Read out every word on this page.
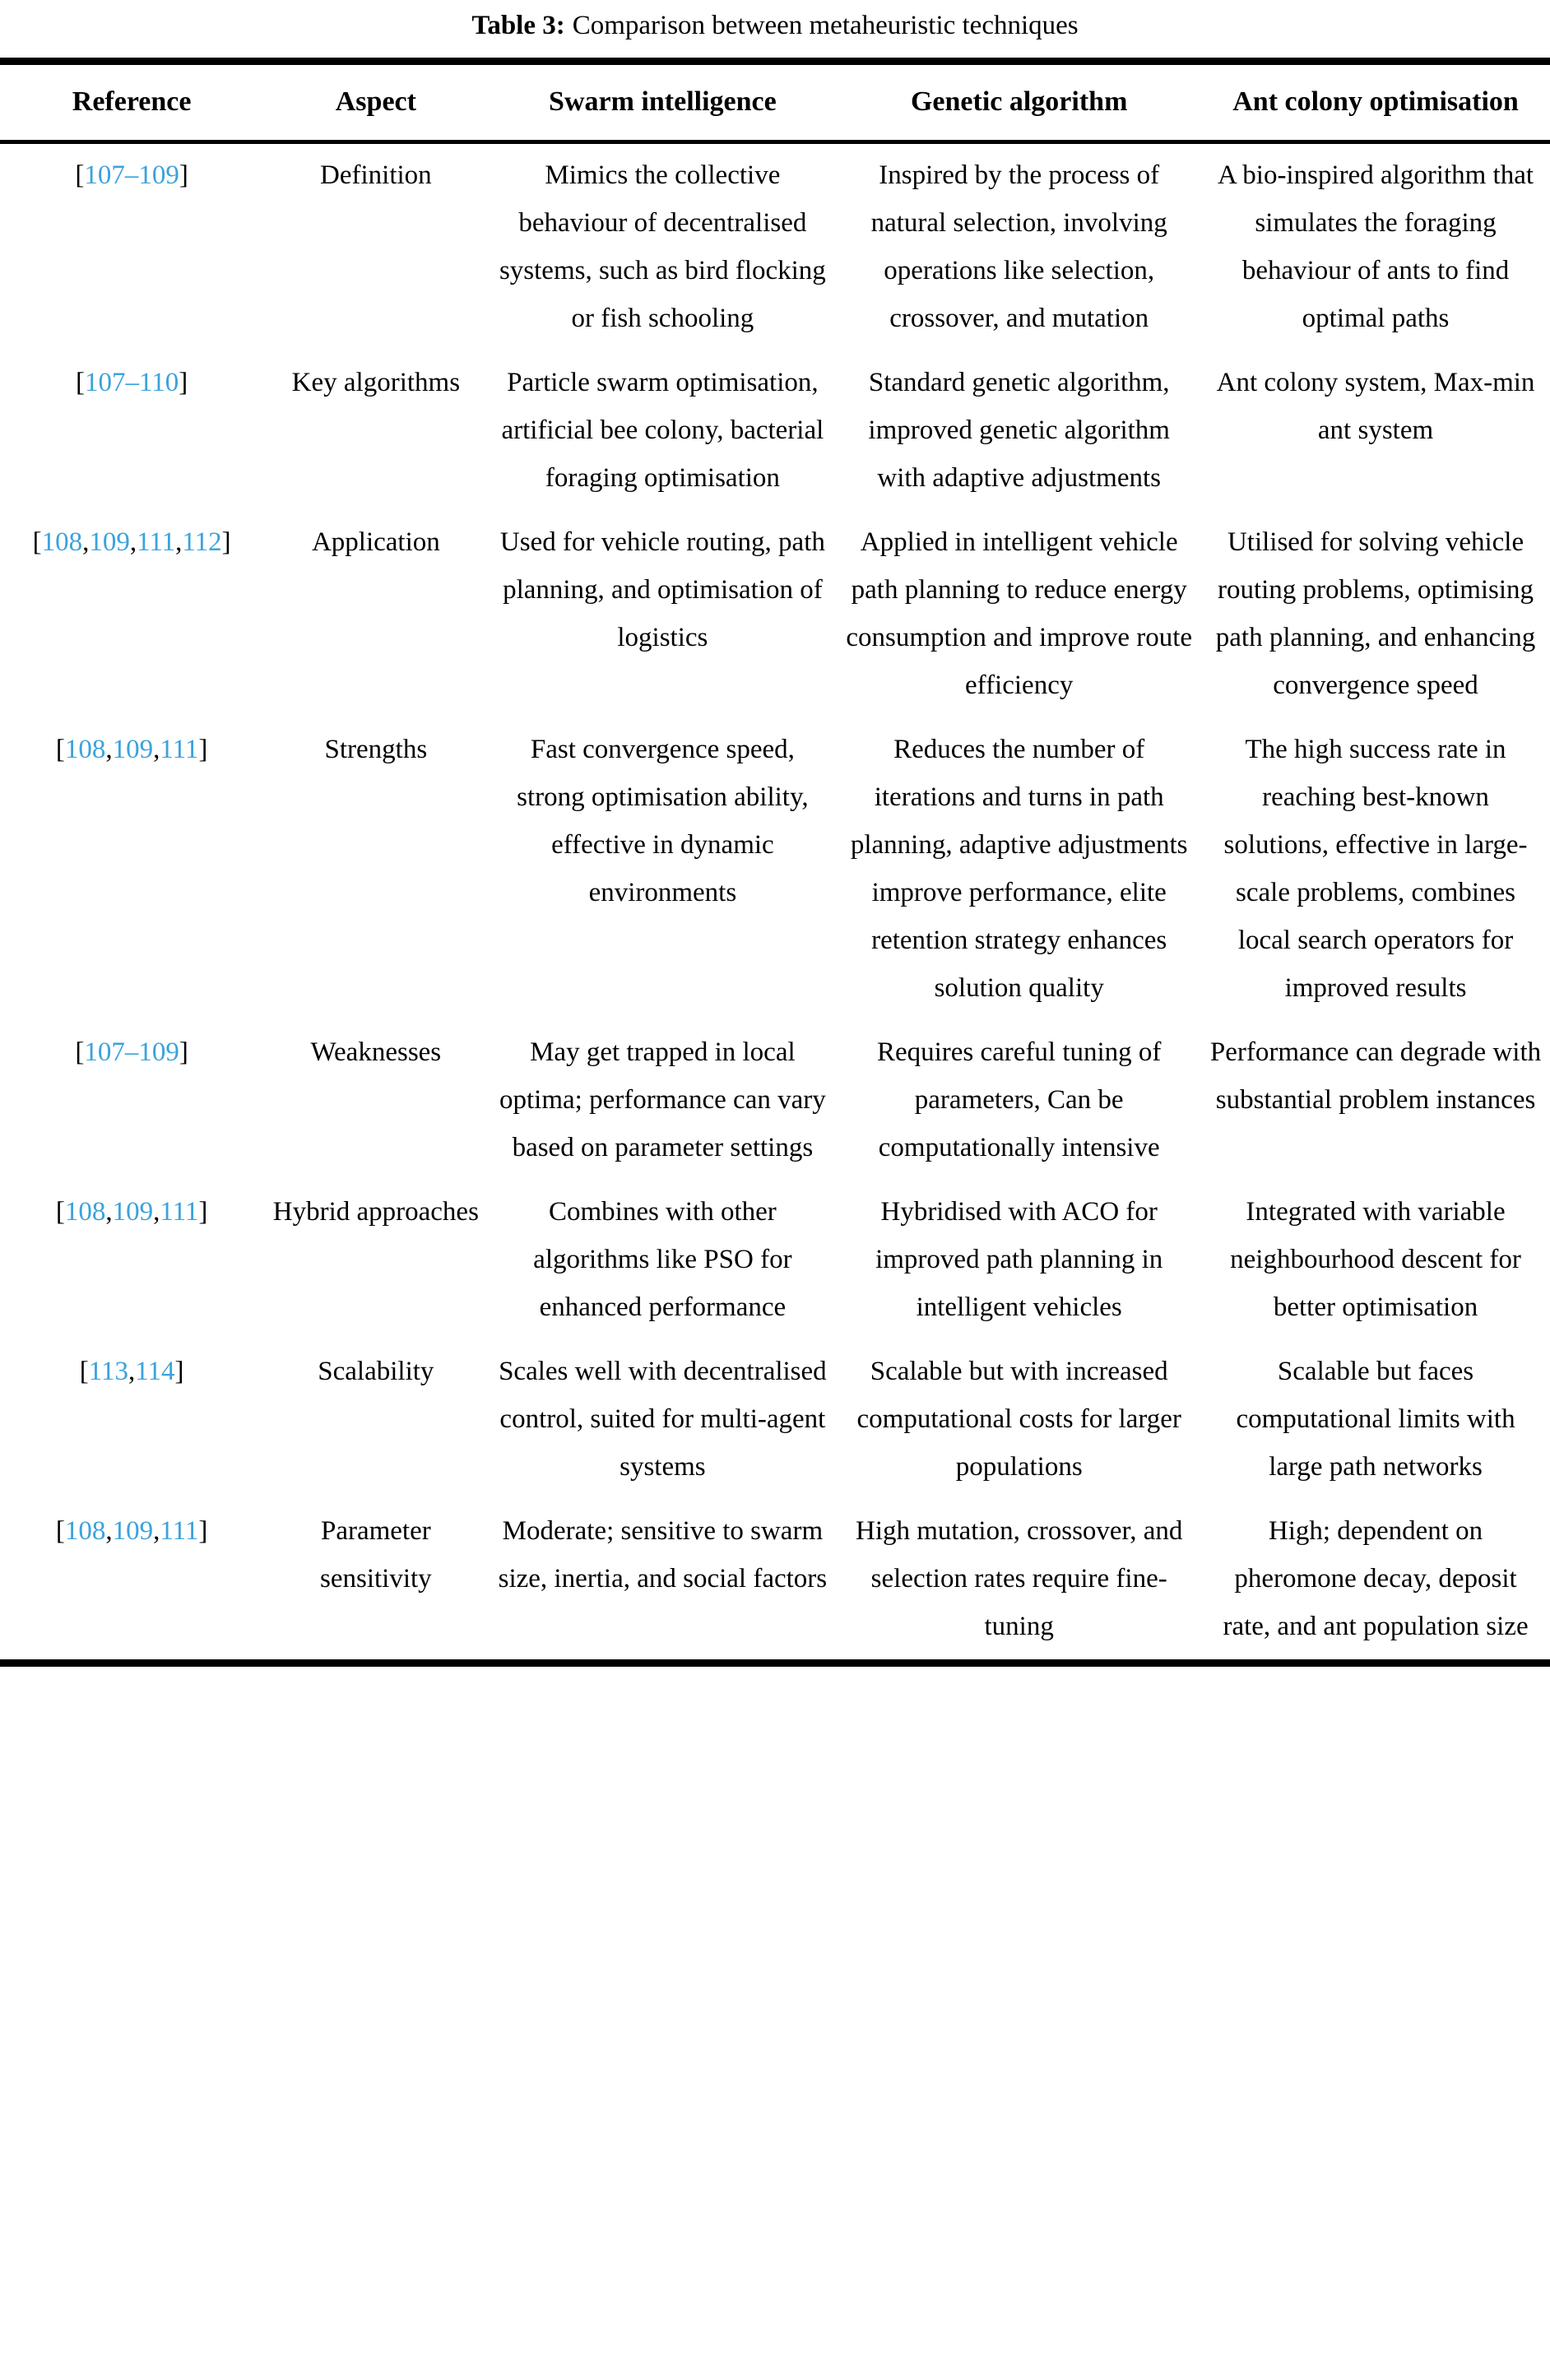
Table 3: Comparison between metaheuristic techniques
Reference	Aspect	Swarm intelligence	Genetic algorithm	Ant colony optimisation
[107–109]	Definition	Mimics the collective behaviour of decentralised systems, such as bird flocking or fish schooling	Inspired by the process of natural selection, involving operations like selection, crossover, and mutation	A bio-inspired algorithm that simulates the foraging behaviour of ants to find optimal paths
[107–110]	Key algorithms	Particle swarm optimisation, artificial bee colony, bacterial foraging optimisation	Standard genetic algorithm, improved genetic algorithm with adaptive adjustments	Ant colony system, Max-min ant system
[108,109,111,112]	Application	Used for vehicle routing, path planning, and optimisation of logistics	Applied in intelligent vehicle path planning to reduce energy consumption and improve route efficiency	Utilised for solving vehicle routing problems, optimising path planning, and enhancing convergence speed
[108,109,111]	Strengths	Fast convergence speed, strong optimisation ability, effective in dynamic environments	Reduces the number of iterations and turns in path planning, adaptive adjustments improve performance, elite retention strategy enhances solution quality	The high success rate in reaching best-known solutions, effective in large-scale problems, combines local search operators for improved results
[107–109]	Weaknesses	May get trapped in local optima; performance can vary based on parameter settings	Requires careful tuning of parameters, Can be computationally intensive	Performance can degrade with substantial problem instances
[108,109,111]	Hybrid approaches	Combines with other algorithms like PSO for enhanced performance	Hybridised with ACO for improved path planning in intelligent vehicles	Integrated with variable neighbourhood descent for better optimisation
[113,114]	Scalability	Scales well with decentralised control, suited for multi-agent systems	Scalable but with increased computational costs for larger populations	Scalable but faces computational limits with large path networks
[108,109,111]	Parameter sensitivity	Moderate; sensitive to swarm size, inertia, and social factors	High mutation, crossover, and selection rates require fine-tuning	High; dependent on pheromone decay, deposit rate, and ant population size
